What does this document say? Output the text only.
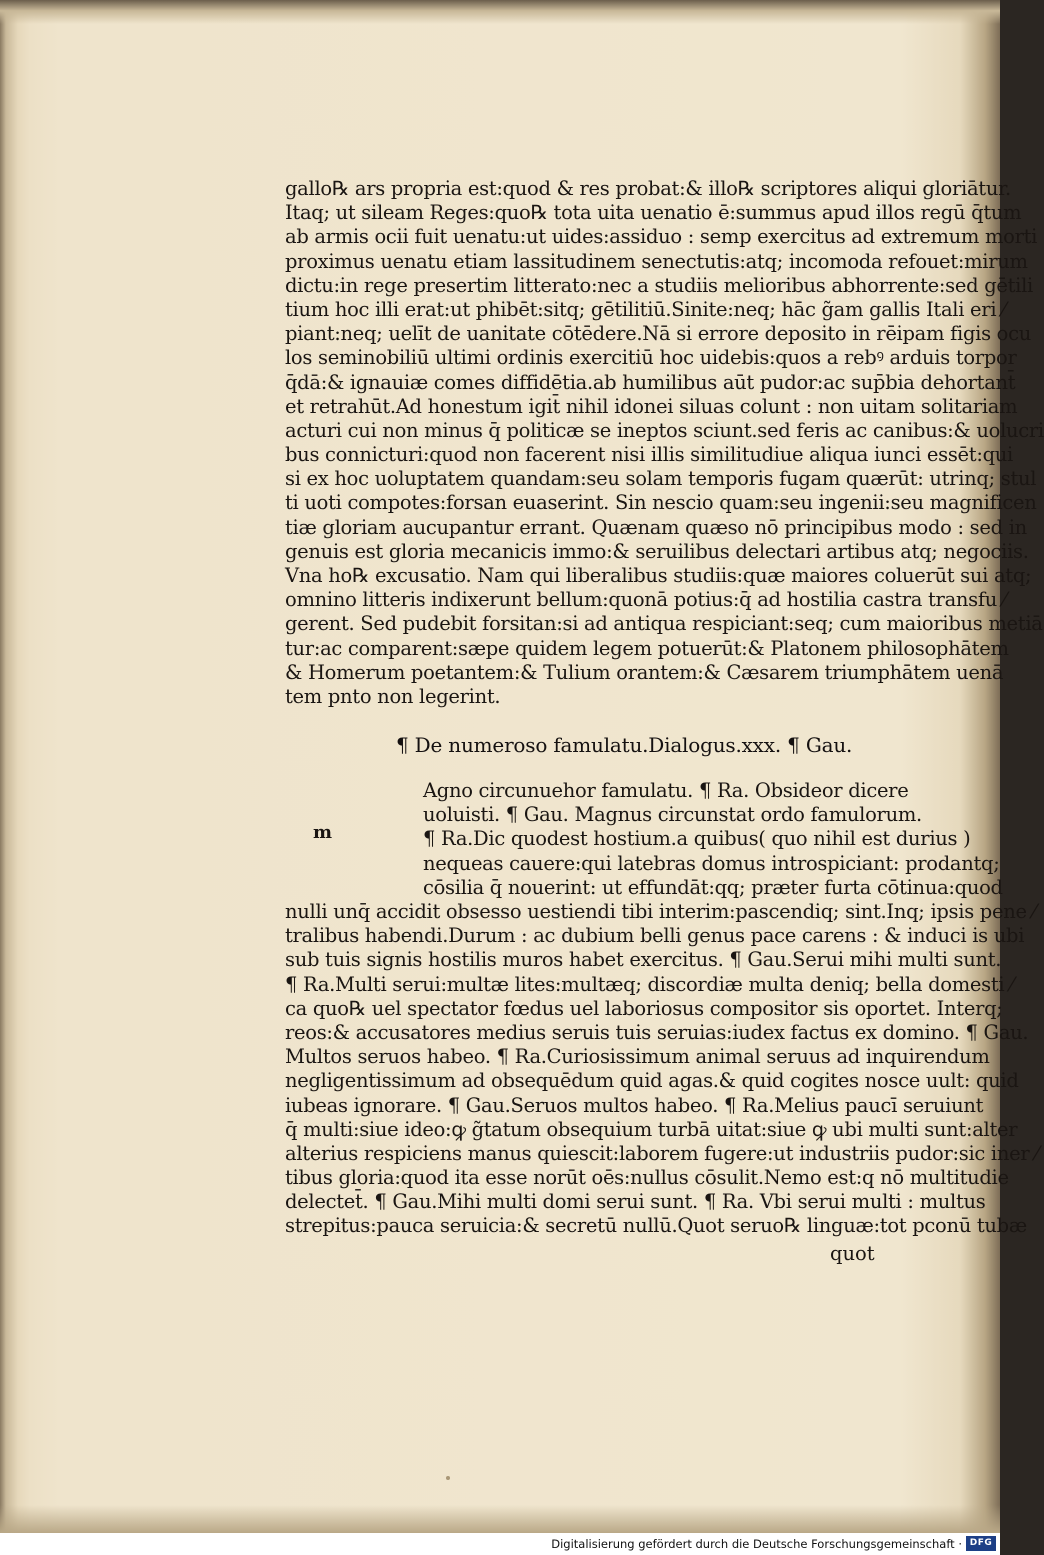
gallo℞ ars propria est:quod & res probat:& illo℞ scriptores aliqui gloriātur.
Itaq; ut sileam Reges:quo℞ tota uita uenatio ē:summus apud illos regū q̄tum
ab armis ocii fuit uenatu:ut uides:assiduo : semp exercitus ad extremum morti
proximus uenatu etiam lassitudinem senectutis:atq; incomoda refouet:mirum
dictu:in rege presertim litterato:nec a studiis melioribus abhorrente:sed gētili
tium hoc illi erat:ut phibēt:sitq; gētilitiū.Sinite:neq; hāc g̃am gallis Itali eri ⁄
piant:neq; uelīt de uanitate cōtēdere.Nā si errore deposito in rēipam figis ocu
los seminobiliū ultimi ordinis exercitiū hoc uidebis:quos a rebꝰ arduis torpor
q̄dā:& ignauiæ comes diffidētia.ab humilibus aūt pudor:ac sup̄bia dehortant̄
et retrahūt.Ad honestum igit̄ nihil idonei siluas colunt : non uitam solitariam
acturi cui non minus q̄ politicæ se ineptos sciunt.sed feris ac canibus:& uolucri
bus connicturi:quod non facerent nisi illis similitudiue aliqua iunci essēt:qui
si ex hoc uoluptatem quandam:seu solam temporis fugam quærūt: utrinq; stul
ti uoti compotes:forsan euaserint. Sin nescio quam:seu ingenii:seu magnificen
tiæ gloriam aucupantur errant. Quænam quæso nō principibus modo : sed in
genuis est gloria mecanicis immo:& seruilibus delectari artibus atq; negociis.
Vna ho℞ excusatio. Nam qui liberalibus studiis:quæ maiores coluerūt sui atq;
omnino litteris indixerunt bellum:quonā potius:q̄ ad hostilia castra transfu ⁄
gerent. Sed pudebit forsitan:si ad antiqua respiciant:seq; cum maioribus metiā
tur:ac comparent:sæpe quidem legem potuerūt:& Platonem philosophātem
& Homerum poetantem:& Tulium orantem:& Cæsarem triumphātem uenā
tem pnto non legerint.
¶ De numeroso famulatu.Dialogus.xxx. ¶ Gau.
m
Agno circunuehor famulatu. ¶ Ra. Obsideor dicere
uoluisti. ¶ Gau. Magnus circunstat ordo famulorum.
¶ Ra.Dic quodest hostium.a quibus( quo nihil est durius )
nequeas cauere:qui latebras domus introspiciant: prodantq;
cōsilia q̄ nouerint: ut effundāt:qq; præter furta cōtinua:quod
nulli unq̄ accidit obsesso uestiendi tibi interim:pascendiq; sint.Inq; ipsis pene ⁄
tralibus habendi.Durum : ac dubium belli genus pace carens : & induci is ubi
sub tuis signis hostilis muros habet exercitus. ¶ Gau.Serui mihi multi sunt.
¶ Ra.Multi serui:multæ lites:multæq; discordiæ multa deniq; bella domesti ⁄
ca quo℞ uel spectator fœdus uel laboriosus compositor sis oportet. Interq;
reos:& accusatores medius seruis tuis seruias:iudex factus ex domino. ¶ Gau.
Multos seruos habeo. ¶ Ra.Curiosissimum animal seruus ad inquirendum
negligentissimum ad obsequēdum quid agas.& quid cogites nosce uult: quid
iubeas ignorare. ¶ Gau.Seruos multos habeo. ¶ Ra.Melius paucī seruiunt
q̄ multi:siue ideo:ꝙ g̃tatum obsequium turbā uitat:siue ꝙ ubi multi sunt:alter
alterius respiciens manus quiescit:laborem fugere:ut industriis pudor:sic iner ⁄
tibus gloria:quod ita esse norūt oēs:nullus cōsulit.Nemo est:q nō multitudie
delectet̄. ¶ Gau.Mihi multi domi serui sunt. ¶ Ra. Vbi serui multi : multus
strepitus:pauca seruicia:& secretū nullū.Quot seruo℞ linguæ:tot pconū tubæ
quot
Digitalisierung gefördert durch die Deutsche Forschungsgemeinschaft · DFG
